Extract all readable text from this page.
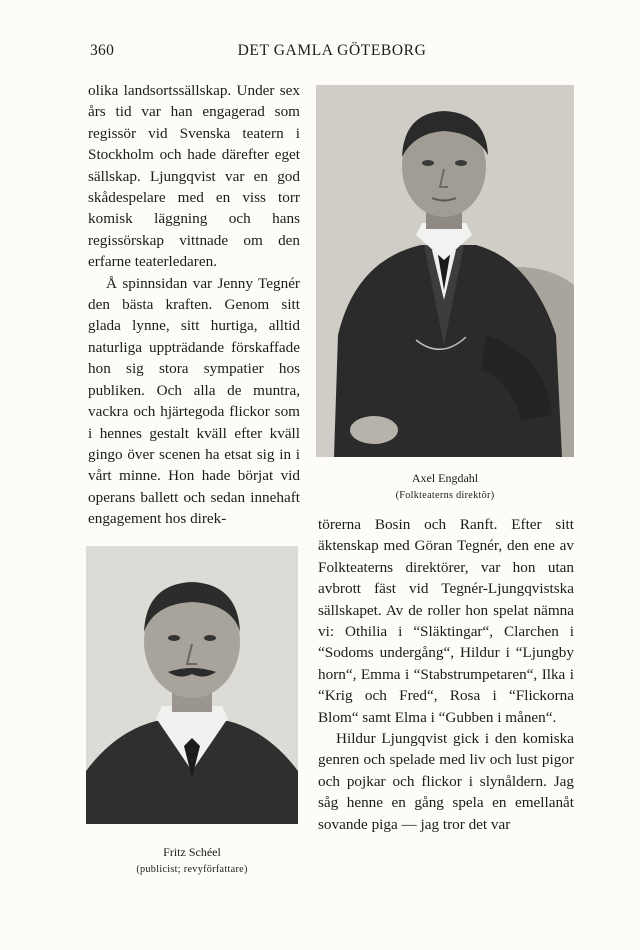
360	DET GAMLA GÖTEBORG

olika landsortssällskap. Under sex års tid var han engagerad som regissör vid Svenska teatern i Stockholm och hade därefter eget sällskap. Ljungqvist var en god skådespelare med en viss torr komisk läggning och hans regissörskap vittnade om den erfarne teaterledaren.

Å spinnsidan var Jenny Tegnér den bästa kraften. Genom sitt glada lynne, sitt hurtiga, alltid naturliga uppträdande förskaffade hon sig stora sympatier hos publiken. Och alla de muntra, vackra och hjärtegoda flickor som i hennes gestalt kväll efter kväll gingo över scenen ha etsat sig in i vårt minne. Hon hade börjat vid operans ballett och sedan innehaft engagement hos direk-

Axel Engdahl
(Folkteaterns direktör)
Fritz Schéel
(publicist; revyförfattare)

törerna Bosin och Ranft. Efter sitt äktenskap med Göran Tegnér, den ene av Folkteaterns direktörer, var hon utan avbrott fäst vid Tegnér-Ljungqvistska sällskapet. Av de roller hon spelat nämna vi: Othilia i “Släktingar“, Clarchen i “Sodoms undergång“, Hildur i “Ljungby horn“, Emma i “Stabstrumpetaren“, Ilka i “Krig och Fred“, Rosa i “Flickorna Blom“ samt Elma i “Gubben i månen“.

Hildur Ljungqvist gick i den komiska genren och spelade med liv och lust pigor och pojkar och flickor i slynåldern. Jag såg henne en gång spela en emellanåt sovande piga — jag tror det var
